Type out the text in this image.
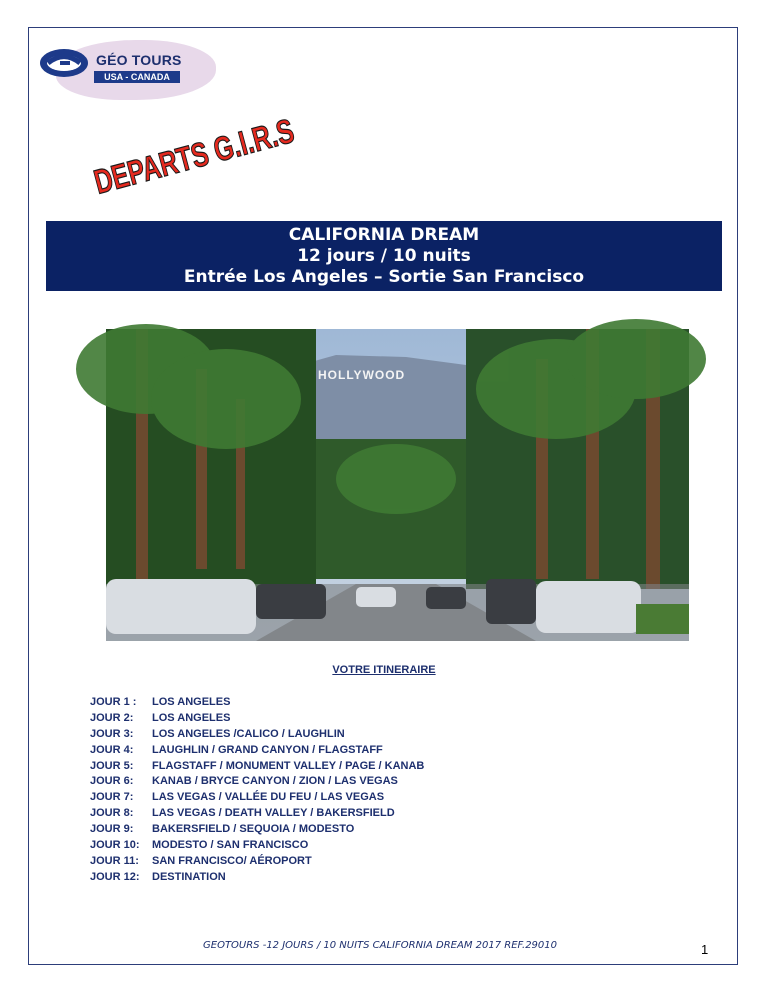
GÉO TOURS
USA - CANADA
DEPARTS G.I.R.S
CALIFORNIA DREAM
12 jours / 10 nuits
Entrée Los Angeles – Sortie San Francisco
HOLLYWOOD
VOTRE ITINERAIRE
JOUR 1 : LOS ANGELES
JOUR 2: LOS ANGELES
JOUR 3: LOS ANGELES /CALICO / LAUGHLIN
JOUR 4: LAUGHLIN / GRAND CANYON / FLAGSTAFF
JOUR 5: FLAGSTAFF / MONUMENT VALLEY / PAGE / KANAB
JOUR 6: KANAB / BRYCE CANYON / ZION / LAS VEGAS
JOUR 7: LAS VEGAS / VALLÉE DU FEU / LAS VEGAS
JOUR 8: LAS VEGAS / DEATH VALLEY / BAKERSFIELD
JOUR 9: BAKERSFIELD / SEQUOIA / MODESTO
JOUR 10: MODESTO / SAN FRANCISCO
JOUR 11: SAN FRANCISCO/ AÉROPORT
JOUR 12: DESTINATION
GEOTOURS -12 JOURS / 10 NUITS CALIFORNIA DREAM 2017 REF.29010	1
